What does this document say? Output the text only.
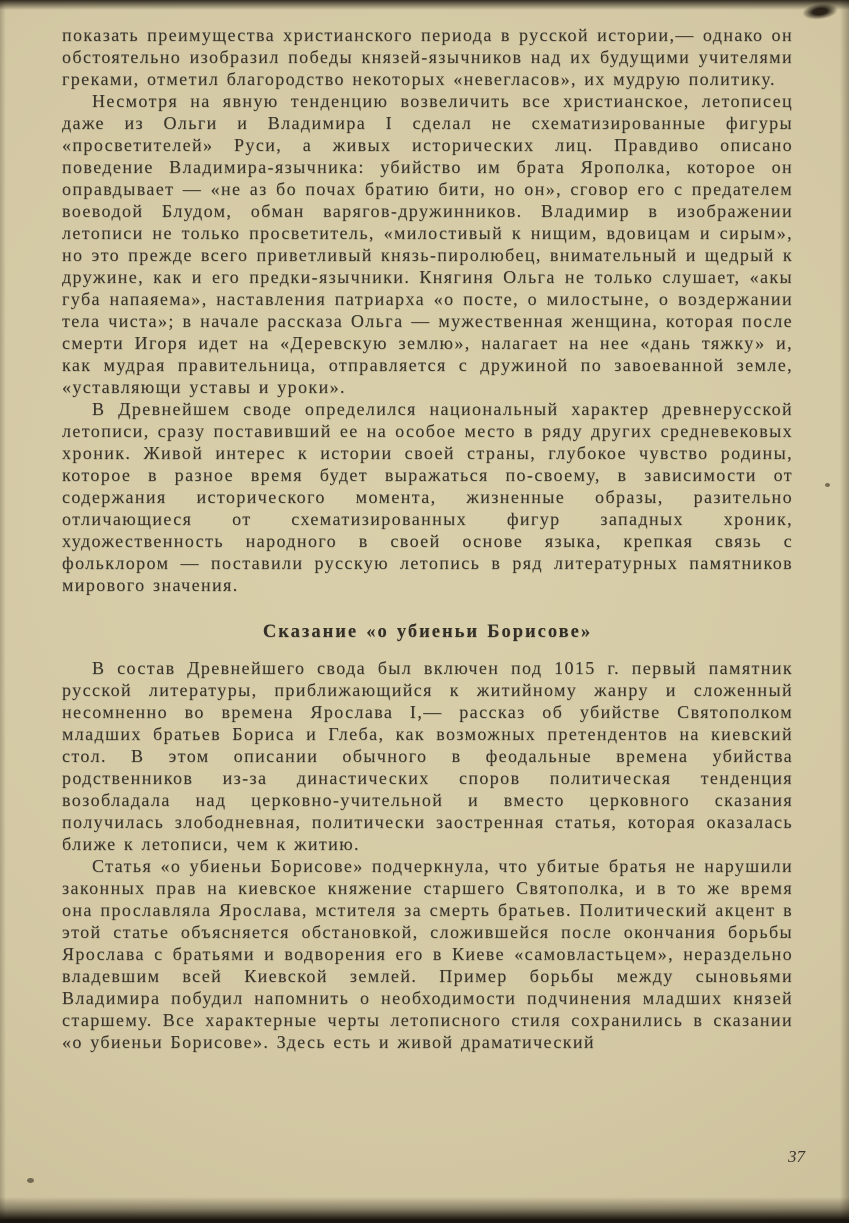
показать преимущества христианского периода в русской истории,— однако он обстоятельно изобразил победы князей-язычников над их будущими учителями греками, отметил благородство некоторых «невегласов», их мудрую политику.

Несмотря на явную тенденцию возвеличить все христианское, летописец даже из Ольги и Владимира I сделал не схематизированные фигуры «просветителей» Руси, а живых исторических лиц. Правдиво описано поведение Владимира-язычника: убийство им брата Ярополка, которое он оправдывает — «не аз бо почах братию бити, но он», сговор его с предателем воеводой Блудом, обман варягов-дружинников. Владимир в изображении летописи не только просветитель, «милостивый к нищим, вдовицам и сирым», но это прежде всего приветливый князь-пиролюбец, внимательный и щедрый к дружине, как и его предки-язычники. Княгиня Ольга не только слушает, «акы губа напаяема», наставления патриарха «о посте, о милостыне, о воздержании тела чиста»; в начале рассказа Ольга — мужественная женщина, которая после смерти Игоря идет на «Деревскую землю», налагает на нее «дань тяжку» и, как мудрая правительница, отправляется с дружиной по завоеванной земле, «уставляющи уставы и уроки».

В Древнейшем своде определился национальный характер древнерусской летописи, сразу поставивший ее на особое место в ряду других средневековых хроник. Живой интерес к истории своей страны, глубокое чувство родины, которое в разное время будет выражаться по-своему, в зависимости от содержания исторического момента, жизненные образы, разительно отличающиеся от схематизированных фигур западных хроник, художественность народного в своей основе языка, крепкая связь с фольклором — поставили русскую летопись в ряд литературных памятников мирового значения.

Сказание «о убиеньи Борисове»

В состав Древнейшего свода был включен под 1015 г. первый памятник русской литературы, приближающийся к житийному жанру и сложенный несомненно во времена Ярослава I,— рассказ об убийстве Святополком младших братьев Бориса и Глеба, как возможных претендентов на киевский стол. В этом описании обычного в феодальные времена убийства родственников из-за династических споров политическая тенденция возобладала над церковно-учительной и вместо церковного сказания получилась злободневная, политически заостренная статья, которая оказалась ближе к летописи, чем к житию.

Статья «о убиеньи Борисове» подчеркнула, что убитые братья не нарушили законных прав на киевское княжение старшего Святополка, и в то же время она прославляла Ярослава, мстителя за смерть братьев. Политический акцент в этой статье объясняется обстановкой, сложившейся после окончания борьбы Ярослава с братьями и водворения его в Киеве «самовластьцем», нераздельно владевшим всей Киевской землей. Пример борьбы между сыновьями Владимира побудил напомнить о необходимости подчинения младших князей старшему. Все характерные черты летописного стиля сохранились в сказании «о убиеньи Борисове». Здесь есть и живой драматический

37
